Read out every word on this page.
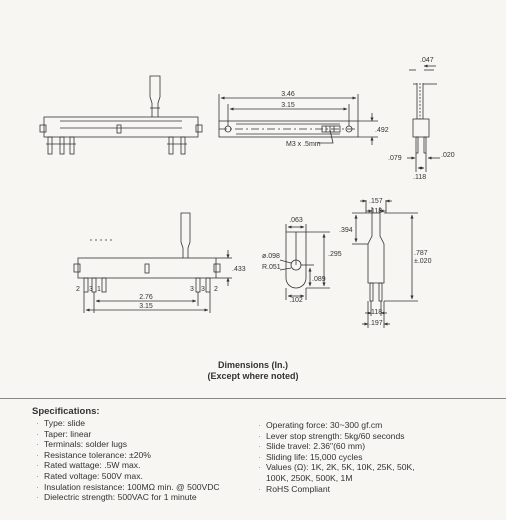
3.46
3.15
.492
M3 x .5mm
.047
.079	.020
.118
.433
2.76
3.15
2 3 1	3 3 2
.063
ø.098
R.051
.295
.089
.102
.157
.118
.394
.787
±.020
.118
.197
Dimensions (In.)
(Except where noted)
Specifications:
· Type: slide
· Taper: linear
· Terminals: solder lugs
· Resistance tolerance: ±20%
· Rated wattage: .5W max.
· Rated voltage: 500V max.
· Insulation resistance: 100MΩ min. @ 500VDC
· Dielectric strength: 500VAC for 1 minute
· Operating force: 30~300 gf.cm
· Lever stop strength: 5kg/60 seconds
· Slide travel: 2.36"(60 mm)
· Sliding life: 15,000 cycles
· Values (Ω): 1K, 2K, 5K, 10K, 25K, 50K,
100K, 250K, 500K, 1M
· RoHS Compliant
